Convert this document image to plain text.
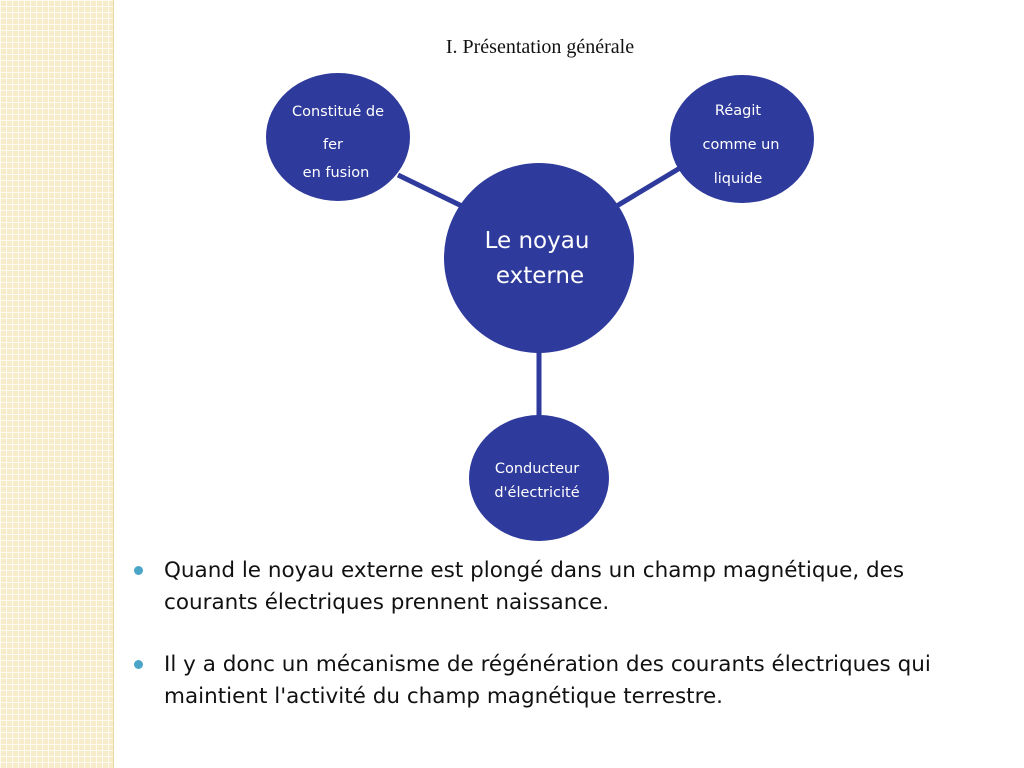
I. Présentation générale
Constitué de
fer
en fusion
Réagit
comme un
liquide
Le noyau
externe
Conducteur
d'électricité
Quand le noyau externe est plongé dans un champ magnétique, des courants électriques prennent naissance.
Il y a donc un mécanisme de régénération des courants électriques qui maintient l'activité du champ magnétique terrestre.
